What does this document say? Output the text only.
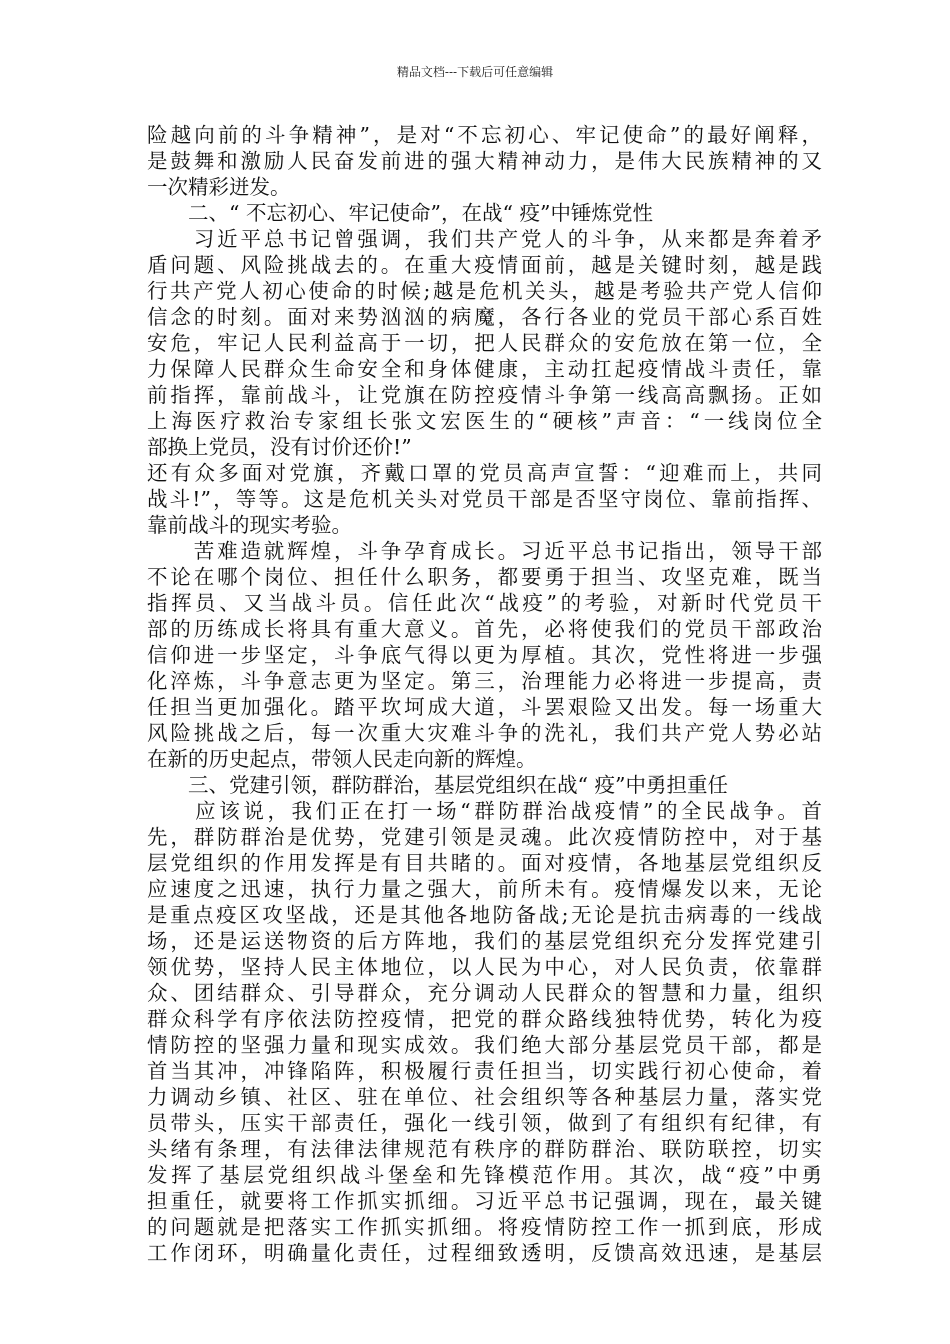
精品文档---下载后可任意编辑
险越向前的斗争精神”，是对“不忘初心、牢记使命”的最好阐释，
是鼓舞和激励人民奋发前进的强大精神动力，是伟大民族精神的又
一次精彩迸发。
　　二、“ 不忘初心、牢记使命”，在战“ 疫”中锤炼党性
　　习近平总书记曾强调，我们共产党人的斗争，从来都是奔着矛
盾问题、风险挑战去的。在重大疫情面前，越是关键时刻，越是践
行共产党人初心使命的时候;越是危机关头，越是考验共产党人信仰
信念的时刻。面对来势汹汹的病魔，各行各业的党员干部心系百姓
安危，牢记人民利益高于一切，把人民群众的安危放在第一位，全
力保障人民群众生命安全和身体健康，主动扛起疫情战斗责任，靠
前指挥，靠前战斗，让党旗在防控疫情斗争第一线高高飘扬。正如
上海医疗救治专家组长张文宏医生的“硬核”声音：“一线岗位全
部换上党员，没有讨价还价!”
还有众多面对党旗，齐戴口罩的党员高声宣誓：“迎难而上，共同
战斗!”，等等。这是危机关头对党员干部是否坚守岗位、靠前指挥、
靠前战斗的现实考验。
　　苦难造就辉煌，斗争孕育成长。习近平总书记指出，领导干部
不论在哪个岗位、担任什么职务，都要勇于担当、攻坚克难，既当
指挥员、又当战斗员。信任此次“战疫”的考验，对新时代党员干
部的历练成长将具有重大意义。首先，必将使我们的党员干部政治
信仰进一步坚定，斗争底气得以更为厚植。其次，党性将进一步强
化淬炼，斗争意志更为坚定。第三，治理能力必将进一步提高，责
任担当更加强化。踏平坎坷成大道，斗罢艰险又出发。每一场重大
风险挑战之后，每一次重大灾难斗争的洗礼，我们共产党人势必站
在新的历史起点，带领人民走向新的辉煌。
　　三、党建引领，群防群治，基层党组织在战“ 疫”中勇担重任
　　应该说，我们正在打一场“群防群治战疫情”的全民战争。首
先，群防群治是优势，党建引领是灵魂。此次疫情防控中，对于基
层党组织的作用发挥是有目共睹的。面对疫情，各地基层党组织反
应速度之迅速，执行力量之强大，前所未有。疫情爆发以来，无论
是重点疫区攻坚战，还是其他各地防备战;无论是抗击病毒的一线战
场，还是运送物资的后方阵地，我们的基层党组织充分发挥党建引
领优势，坚持人民主体地位，以人民为中心，对人民负责，依靠群
众、团结群众、引导群众，充分调动人民群众的智慧和力量，组织
群众科学有序依法防控疫情，把党的群众路线独特优势，转化为疫
情防控的坚强力量和现实成效。我们绝大部分基层党员干部，都是
首当其冲，冲锋陷阵，积极履行责任担当，切实践行初心使命，着
力调动乡镇、社区、驻在单位、社会组织等各种基层力量，落实党
员带头，压实干部责任，强化一线引领，做到了有组织有纪律，有
头绪有条理，有法律法律规范有秩序的群防群治、联防联控，切实
发挥了基层党组织战斗堡垒和先锋模范作用。其次，战“疫”中勇
担重任，就要将工作抓实抓细。习近平总书记强调，现在，最关键
的问题就是把落实工作抓实抓细。将疫情防控工作一抓到底，形成
工作闭环，明确量化责任，过程细致透明，反馈高效迅速，是基层
